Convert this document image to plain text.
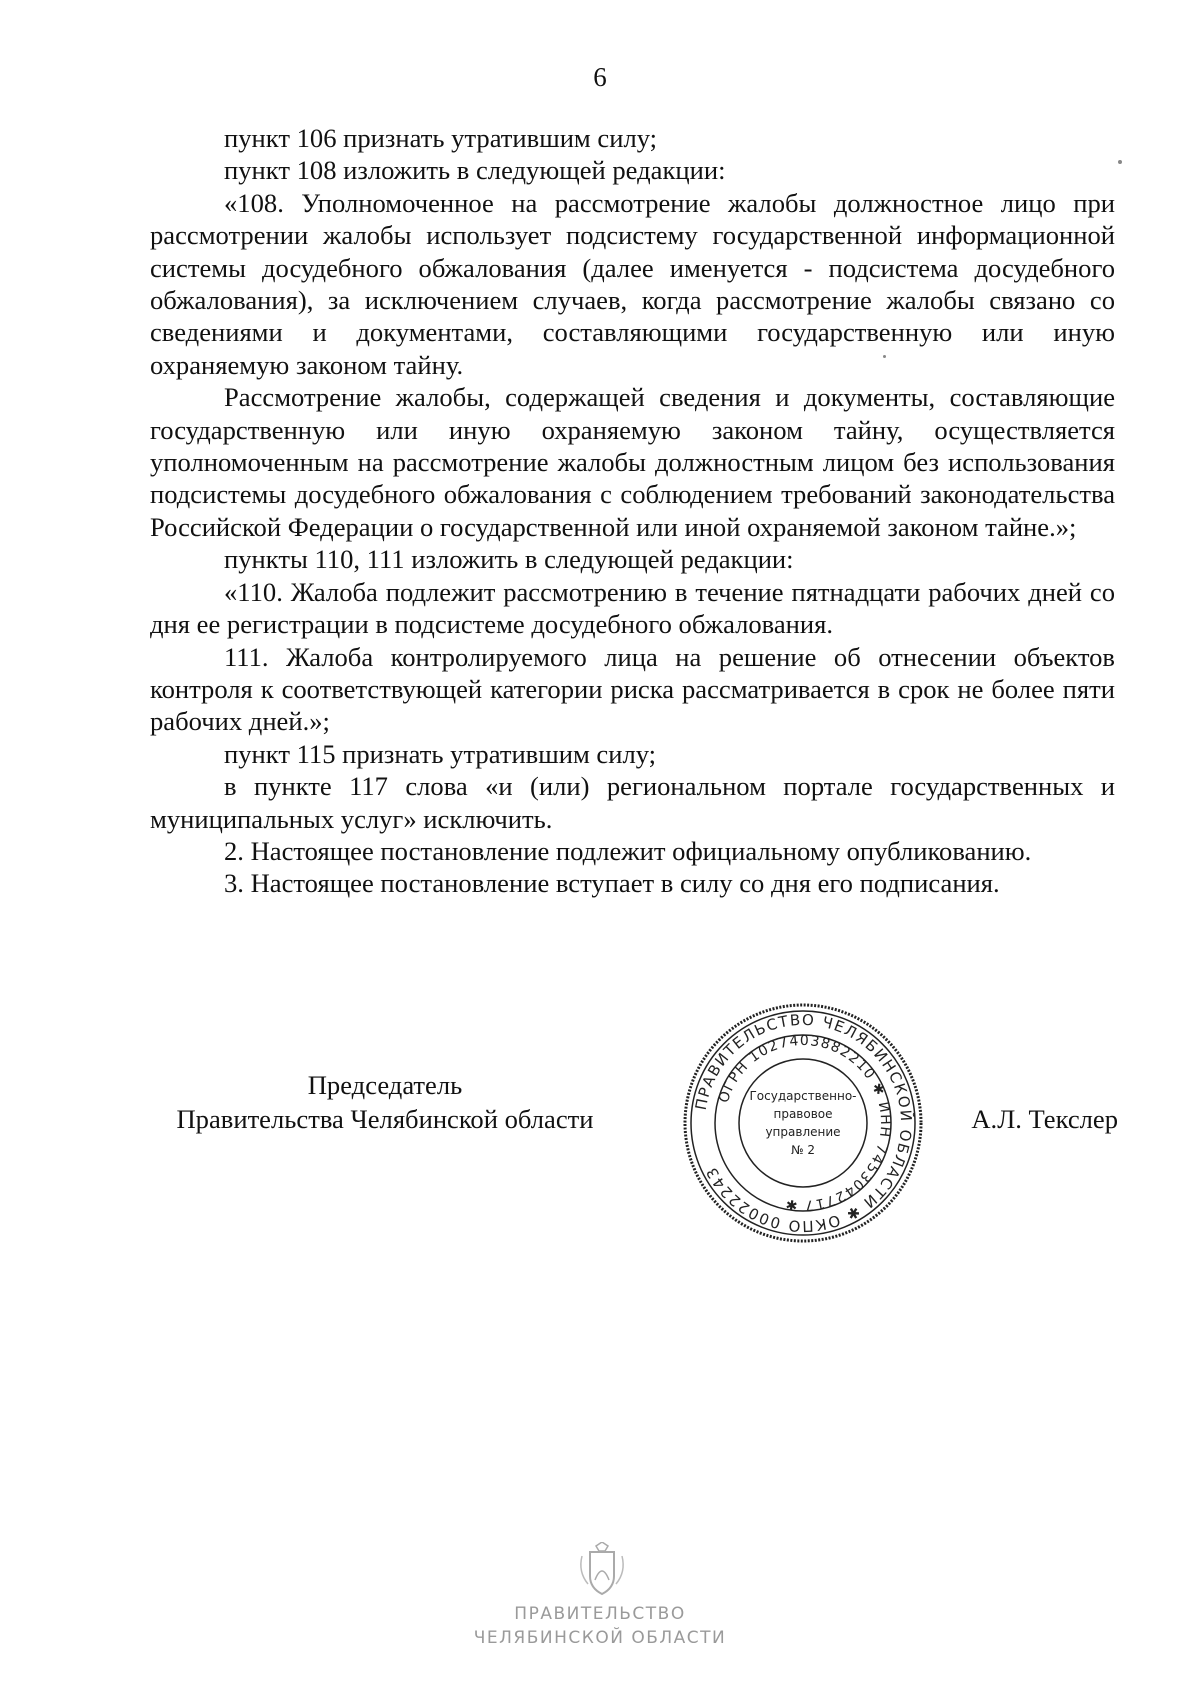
6

пункт 106 признать утратившим силу;

пункт 108 изложить в следующей редакции:

«108. Уполномоченное на рассмотрение жалобы должностное лицо при рассмотрении жалобы использует подсистему государственной информационной системы досудебного обжалования (далее именуется - подсистема досудебного обжалования), за исключением случаев, когда рассмотрение жалобы связано со сведениями и документами, составляющими государственную или иную охраняемую законом тайну.

Рассмотрение жалобы, содержащей сведения и документы, составляющие государственную или иную охраняемую законом тайну, осуществляется уполномоченным на рассмотрение жалобы должностным лицом без использования подсистемы досудебного обжалования с соблюдением требований законодательства Российской Федерации о государственной или иной охраняемой законом тайне.»;

пункты 110, 111 изложить в следующей редакции:

«110. Жалоба подлежит рассмотрению в течение пятнадцати рабочих дней со дня ее регистрации в подсистеме досудебного обжалования.

111. Жалоба контролируемого лица на решение об отнесении объектов контроля к соответствующей категории риска рассматривается в срок не более пяти рабочих дней.»;

пункт 115 признать утратившим силу;

в пункте 117 слова «и (или) региональном портале государственных и муниципальных услуг» исключить.

2. Настоящее постановление подлежит официальному опубликованию.

3. Настоящее постановление вступает в силу со дня его подписания.

Председатель
Правительства Челябинской области
ПРАВИТЕЛЬСТВО ЧЕЛЯБИНСКОЙ ОБЛАСТИ ✱ ОКПО 00022243
ОГРН 1027403882210 ✱ ИНН 7453042717 ✱
Государственно-
правовое
управление
№ 2
А.Л. Текслер
ПРАВИТЕЛЬСТВО
ЧЕЛЯБИНСКОЙ ОБЛАСТИ
